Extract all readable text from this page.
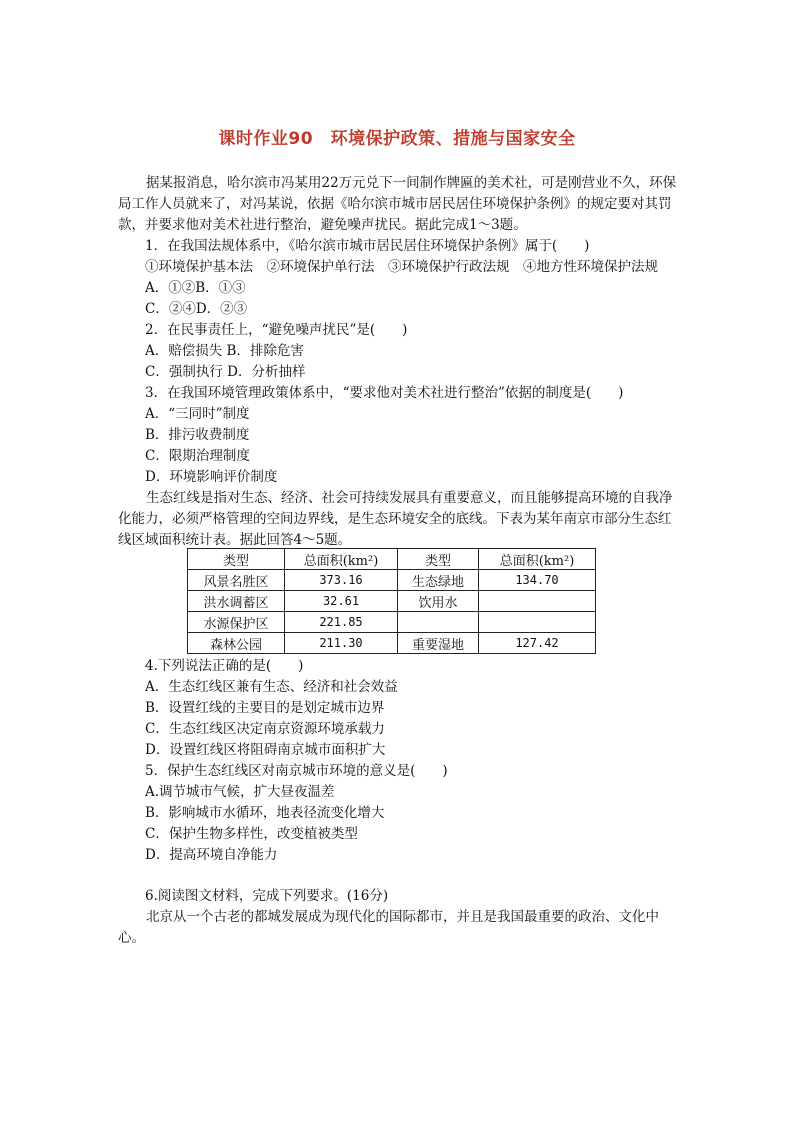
课时作业90　环境保护政策、措施与国家安全
据某报消息，哈尔滨市冯某用22万元兑下一间制作牌匾的美术社，可是刚营业不久，环保局工作人员就来了，对冯某说，依据《哈尔滨市城市居民居住环境保护条例》的规定要对其罚款，并要求他对美术社进行整治，避免噪声扰民。据此完成1～3题。
1．在我国法规体系中，《哈尔滨市城市居民居住环境保护条例》属于(　　)
①环境保护基本法　②环境保护单行法　③环境保护行政法规　④地方性环境保护法规
A．①②B．①③
C．②④D．②③
2．在民事责任上，“避免噪声扰民”是(　　)
A．赔偿损失 B．排除危害
C．强制执行 D．分析抽样
3．在我国环境管理政策体系中，“要求他对美术社进行整治”依据的制度是(　　)
A．“三同时”制度
B．排污收费制度
C．限期治理制度
D．环境影响评价制度
生态红线是指对生态、经济、社会可持续发展具有重要意义，而且能够提高环境的自我净化能力，必须严格管理的空间边界线，是生态环境安全的底线。下表为某年南京市部分生态红线区域面积统计表。据此回答4～5题。
类型	总面积(km²)	类型	总面积(km²)
风景名胜区	373.16	生态绿地	134.70
洪水调蓄区	32.61	饮用水	
水源保护区	221.85		
森林公园	211.30	重要湿地	127.42
4.下列说法正确的是(　　)
A．生态红线区兼有生态、经济和社会效益
B．设置红线的主要目的是划定城市边界
C．生态红线区决定南京资源环境承载力
D．设置红线区将阻碍南京城市面积扩大
5．保护生态红线区对南京城市环境的意义是(　　)
A.调节城市气候，扩大昼夜温差
B．影响城市水循环，地表径流变化增大
C．保护生物多样性，改变植被类型
D．提高环境自净能力
6.阅读图文材料，完成下列要求。(16分)
北京从一个古老的都城发展成为现代化的国际都市，并且是我国最重要的政治、文化中心。
